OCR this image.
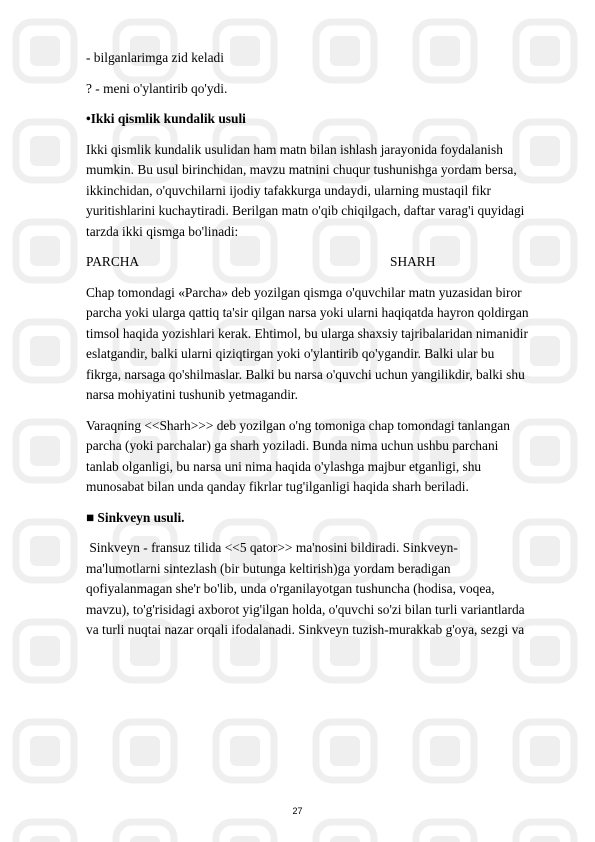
- bilganlarimga zid keladi
? - meni o'ylantirib qo'ydi.
•Ikki qismlik kundalik usuli
Ikki qismlik kundalik usulidan ham matn bilan ishlash jarayonida foydalanish
mumkin. Bu usul birinchidan, mavzu matnini chuqur tushunishga yordam bersa,
ikkinchidan, o'quvchilarni ijodiy tafakkurga undaydi, ularning mustaqil fikr
yuritishlarini kuchaytiradi. Berilgan matn o'qib chiqilgach, daftar varag'i quyidagi
tarzda ikki qismga bo'linadi:
PARCHA	SHARH
Chap tomondagi «Parcha» deb yozilgan qismga o'quvchilar matn yuzasidan biror
parcha yoki ularga qattiq ta'sir qilgan narsa yoki ularni haqiqatda hayron qoldirgan
timsol haqida yozishlari kerak. Ehtimol, bu ularga shaxsiy tajribalaridan nimanidir
eslatgandir, balki ularni qiziqtirgan yoki o'ylantirib qo'ygandir. Balki ular bu
fikrga, narsaga qo'shilmaslar. Balki bu narsa o'quvchi uchun yangilikdir, balki shu
narsa mohiyatini tushunib yetmagandir.
Varaqning <<Sharh>>> deb yozilgan o'ng tomoniga chap tomondagi tanlangan
parcha (yoki parchalar) ga sharh yoziladi. Bunda nima uchun ushbu parchani
tanlab olganligi, bu narsa uni nima haqida o'ylashga majbur etganligi, shu
munosabat bilan unda qanday fikrlar tug'ilganligi haqida sharh beriladi.
■ Sinkveyn usuli.
Sinkveyn - fransuz tilida <<5 qator>> ma'nosini bildiradi. Sinkveyn-
ma'lumotlarni sintezlash (bir butunga keltirish)ga yordam beradigan
qofiyalanmagan she'r bo'lib, unda o'rganilayotgan tushuncha (hodisa, voqea,
mavzu), to'g'risidagi axborot yig'ilgan holda, o'quvchi so'zi bilan turli variantlarda
va turli nuqtai nazar orqali ifodalanadi. Sinkveyn tuzish-murakkab g'oya, sezgi va
27
